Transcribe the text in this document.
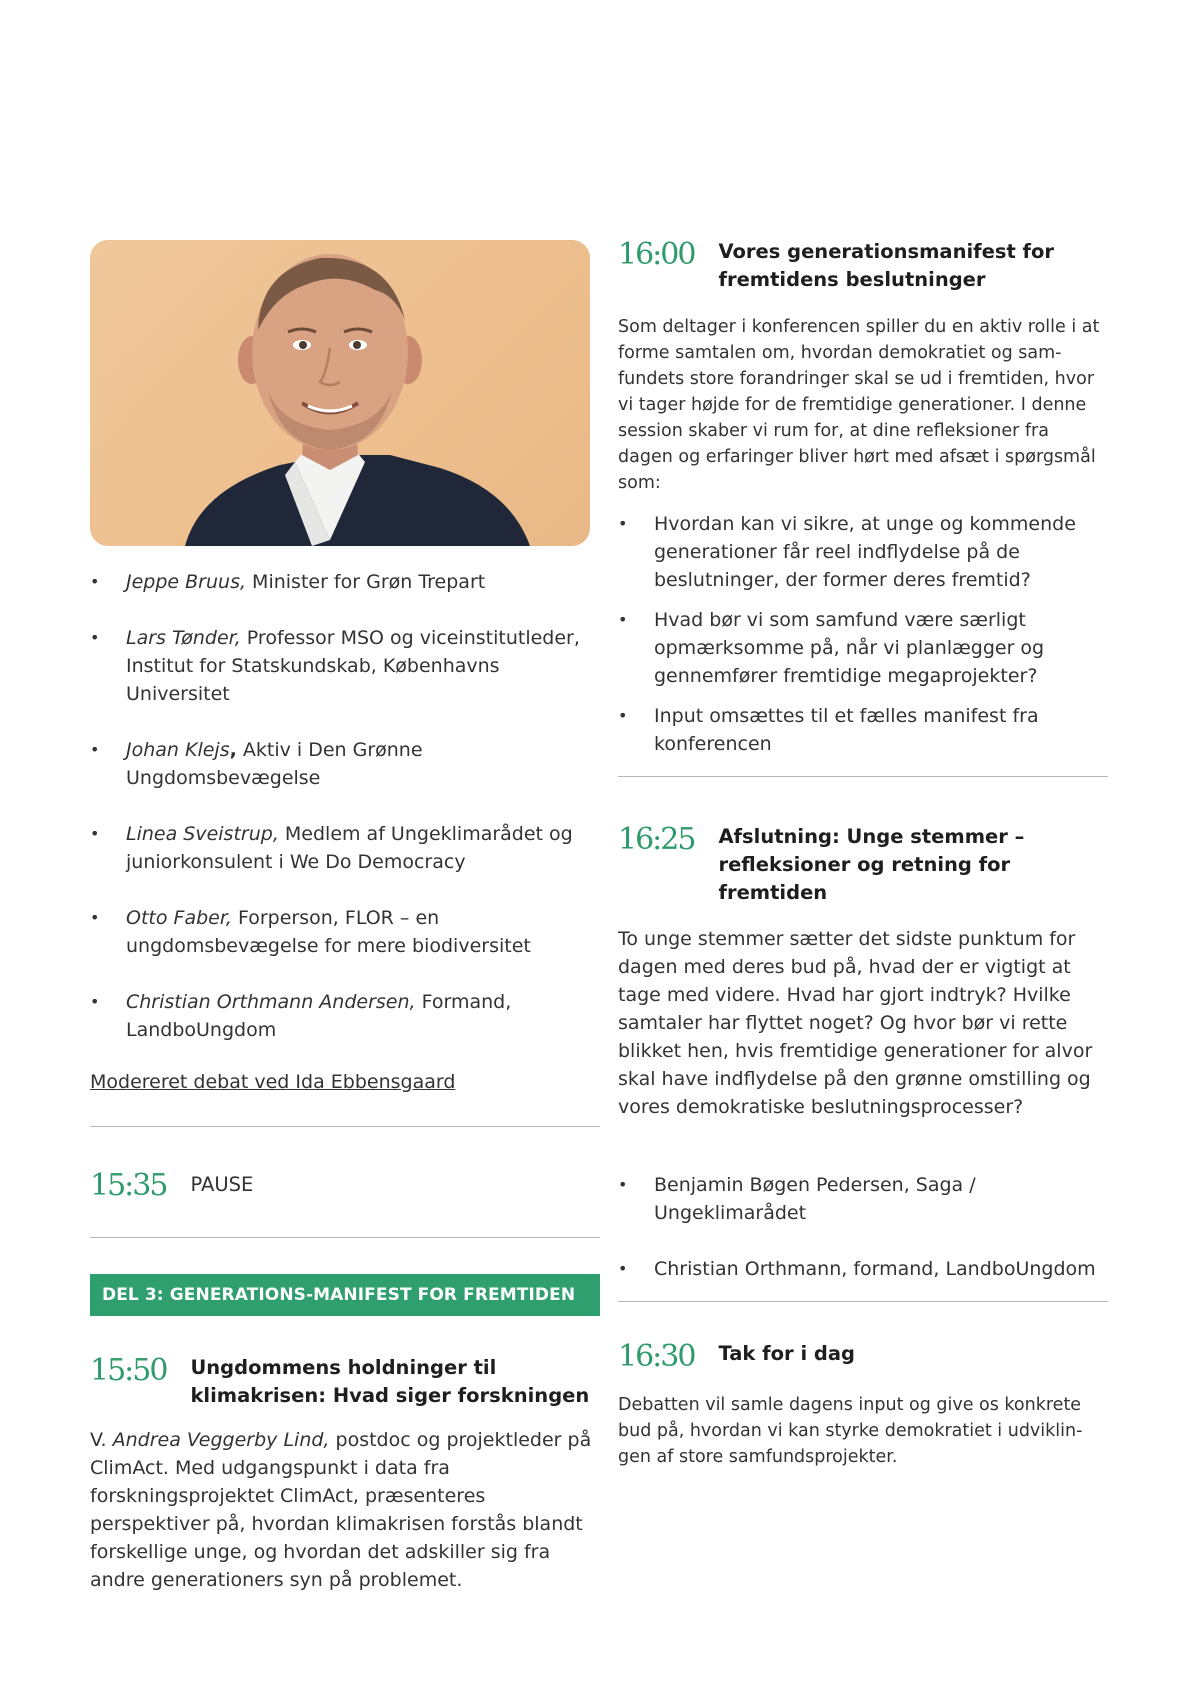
• Jeppe Bruus, Minister for Grøn Trepart
• Lars Tønder, Professor MSO og viceinstitutleder, Institut for Statskundskab, Københavns Universitet
• Johan Klejs, Aktiv i Den Grønne Ungdomsbevægelse
• Linea Sveistrup, Medlem af Ungeklimarådet og juniorkonsulent i We Do Democracy
• Otto Faber, Forperson, FLOR – en ungdomsbevægelse for mere biodiversitet
• Christian Orthmann Andersen, Formand, LandboUngdom
Modereret debat ved Ida Ebbensgaard
15:35 PAUSE
DEL 3: GENERATIONS-MANIFEST FOR FREMTIDEN
15:50 Ungdommens holdninger til klimakrisen: Hvad siger forskningen
V. Andrea Veggerby Lind, postdoc og projektleder på ClimAct. Med udgangspunkt i data fra forskningsprojektet ClimAct, præsenteres perspektiver på, hvordan klimakrisen forstås blandt forskellige unge, og hvordan det adskiller sig fra andre generationers syn på problemet.
16:00 Vores generationsmanifest for fremtidens beslutninger
Som deltager i konferencen spiller du en aktiv rolle i at forme samtalen om, hvordan demokratiet og sam-fundets store forandringer skal se ud i fremtiden, hvor vi tager højde for de fremtidige generationer. I denne session skaber vi rum for, at dine refleksioner fra dagen og erfaringer bliver hørt med afsæt i spørgsmål som:
• Hvordan kan vi sikre, at unge og kommende generationer får reel indflydelse på de beslutninger, der former deres fremtid?
• Hvad bør vi som samfund være særligt opmærksomme på, når vi planlægger og gennemfører fremtidige megaprojekter?
• Input omsættes til et fælles manifest fra konferencen
16:25 Afslutning: Unge stemmer – refleksioner og retning for fremtiden
To unge stemmer sætter det sidste punktum for dagen med deres bud på, hvad der er vigtigt at tage med videre. Hvad har gjort indtryk? Hvilke samtaler har flyttet noget? Og hvor bør vi rette blikket hen, hvis fremtidige generationer for alvor skal have indflydelse på den grønne omstilling og vores demokratiske beslutningsprocesser?
• Benjamin Bøgen Pedersen, Saga / Ungeklimarådet
• Christian Orthmann, formand, LandboUngdom
16:30 Tak for i dag
Debatten vil samle dagens input og give os konkrete bud på, hvordan vi kan styrke demokratiet i udviklin-gen af store samfundsprojekter.
